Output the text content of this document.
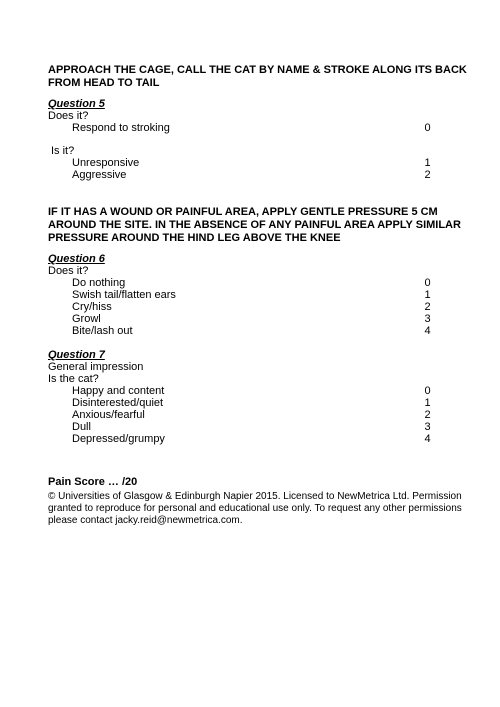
APPROACH THE CAGE, CALL THE CAT BY NAME & STROKE ALONG ITS BACK FROM HEAD TO TAIL
Question 5
Does it?
Respond to stroking	0
Is it?
Unresponsive	1
Aggressive	2
IF IT HAS A WOUND OR PAINFUL AREA, APPLY GENTLE PRESSURE 5 CM AROUND THE SITE. IN THE ABSENCE OF ANY PAINFUL AREA APPLY SIMILAR PRESSURE AROUND THE HIND LEG ABOVE THE KNEE
Question 6
Does it?
Do nothing	0
Swish tail/flatten ears	1
Cry/hiss	2
Growl	3
Bite/lash out	4
Question 7
General impression
Is the cat?
Happy and content	0
Disinterested/quiet	1
Anxious/fearful	2
Dull	3
Depressed/grumpy	4
Pain Score … /20
© Universities of Glasgow & Edinburgh Napier 2015. Licensed to NewMetrica Ltd. Permission granted to reproduce for personal and educational use only. To request any other permissions please contact jacky.reid@newmetrica.com.
